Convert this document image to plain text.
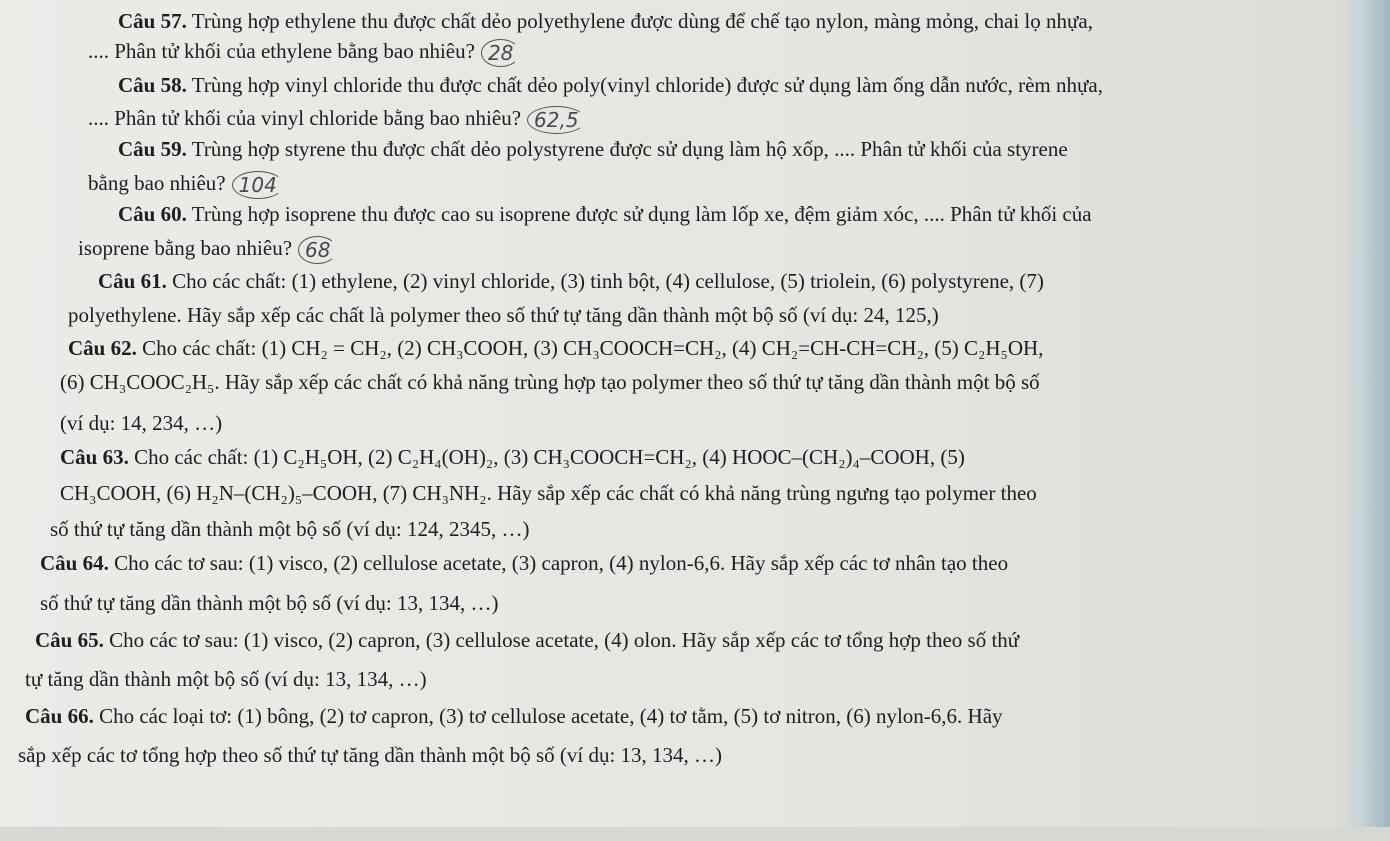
Câu 57. Trùng hợp ethylene thu được chất dẻo polyethylene được dùng để chế tạo nylon, màng mỏng, chai lọ nhựa,
.... Phân tử khối của ethylene bằng bao nhiêu? 28
Câu 58. Trùng hợp vinyl chloride thu được chất dẻo poly(vinyl chloride) được sử dụng làm ống dẫn nước, rèm nhựa,
.... Phân tử khối của vinyl chloride bằng bao nhiêu? 62,5
Câu 59. Trùng hợp styrene thu được chất dẻo polystyrene được sử dụng làm hộ xốp, .... Phân tử khối của styrene
bằng bao nhiêu? 104
Câu 60. Trùng hợp isoprene thu được cao su isoprene được sử dụng làm lốp xe, đệm giảm xóc, .... Phân tử khối của
isoprene bằng bao nhiêu? 68
Câu 61. Cho các chất: (1) ethylene, (2) vinyl chloride, (3) tinh bột, (4) cellulose, (5) triolein, (6) polystyrene, (7)
polyethylene. Hãy sắp xếp các chất là polymer theo số thứ tự tăng dần thành một bộ số (ví dụ: 24, 125,)
Câu 62. Cho các chất: (1) CH₂ = CH₂, (2) CH₃COOH, (3) CH₃COOCH=CH₂, (4) CH₂=CH-CH=CH₂, (5) C₂H₅OH,
(6) CH₃COOC₂H₅. Hãy sắp xếp các chất có khả năng trùng hợp tạo polymer theo số thứ tự tăng dần thành một bộ số
(ví dụ: 14, 234, …)
Câu 63. Cho các chất: (1) C₂H₅OH, (2) C₂H₄(OH)₂, (3) CH₃COOCH=CH₂, (4) HOOC–(CH₂)₄–COOH, (5)
CH₃COOH, (6) H₂N–(CH₂)₅–COOH, (7) CH₃NH₂. Hãy sắp xếp các chất có khả năng trùng ngưng tạo polymer theo
số thứ tự tăng dần thành một bộ số (ví dụ: 124, 2345, …)
Câu 64. Cho các tơ sau: (1) visco, (2) cellulose acetate, (3) capron, (4) nylon-6,6. Hãy sắp xếp các tơ nhân tạo theo
số thứ tự tăng dần thành một bộ số (ví dụ: 13, 134, …)
Câu 65. Cho các tơ sau: (1) visco, (2) capron, (3) cellulose acetate, (4) olon. Hãy sắp xếp các tơ tổng hợp theo số thứ
tự tăng dần thành một bộ số (ví dụ: 13, 134, …)
Câu 66. Cho các loại tơ: (1) bông, (2) tơ capron, (3) tơ cellulose acetate, (4) tơ tằm, (5) tơ nitron, (6) nylon-6,6. Hãy
sắp xếp các tơ tổng hợp theo số thứ tự tăng dần thành một bộ số (ví dụ: 13, 134, …)
